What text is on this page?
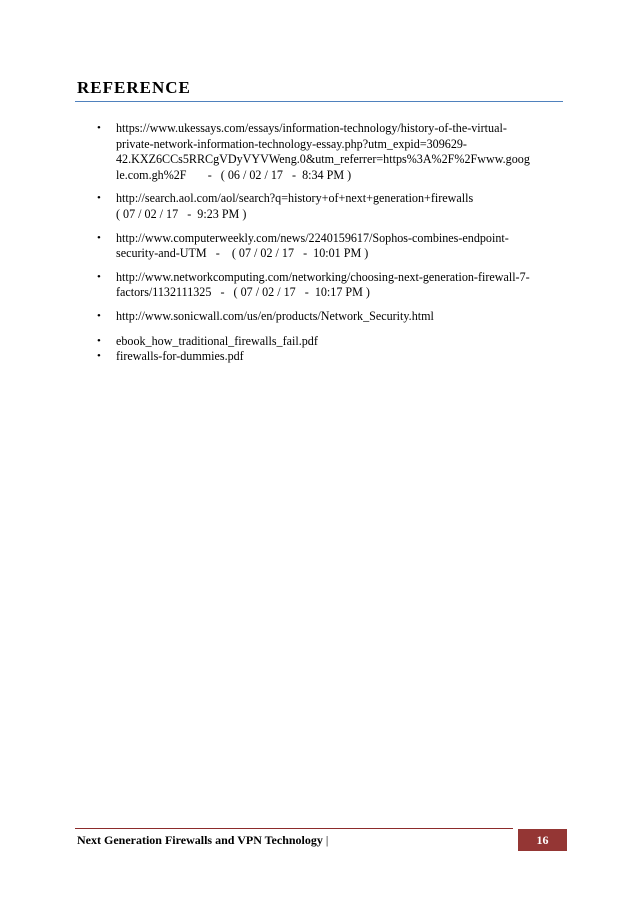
REFERENCE
•	https://www.ukessays.com/essays/information-technology/history-of-the-virtual-
private-network-information-technology-essay.php?utm_expid=309629-
42.KXZ6CCs5RRCgVDyVYVWeng.0&utm_referrer=https%3A%2F%2Fwww.goog
le.com.gh%2F       -   ( 06 / 02 / 17   -  8:34 PM )
•	http://search.aol.com/aol/search?q=history+of+next+generation+firewalls
( 07 / 02 / 17   -  9:23 PM )
•	http://www.computerweekly.com/news/2240159617/Sophos-combines-endpoint-
security-and-UTM   -    ( 07 / 02 / 17   -  10:01 PM )
•	http://www.networkcomputing.com/networking/choosing-next-generation-firewall-7-
factors/1132111325   -   ( 07 / 02 / 17   -  10:17 PM )
•	http://www.sonicwall.com/us/en/products/Network_Security.html
•	ebook_how_traditional_firewalls_fail.pdf
•	firewalls-for-dummies.pdf
Next Generation Firewalls and VPN Technology |	16
